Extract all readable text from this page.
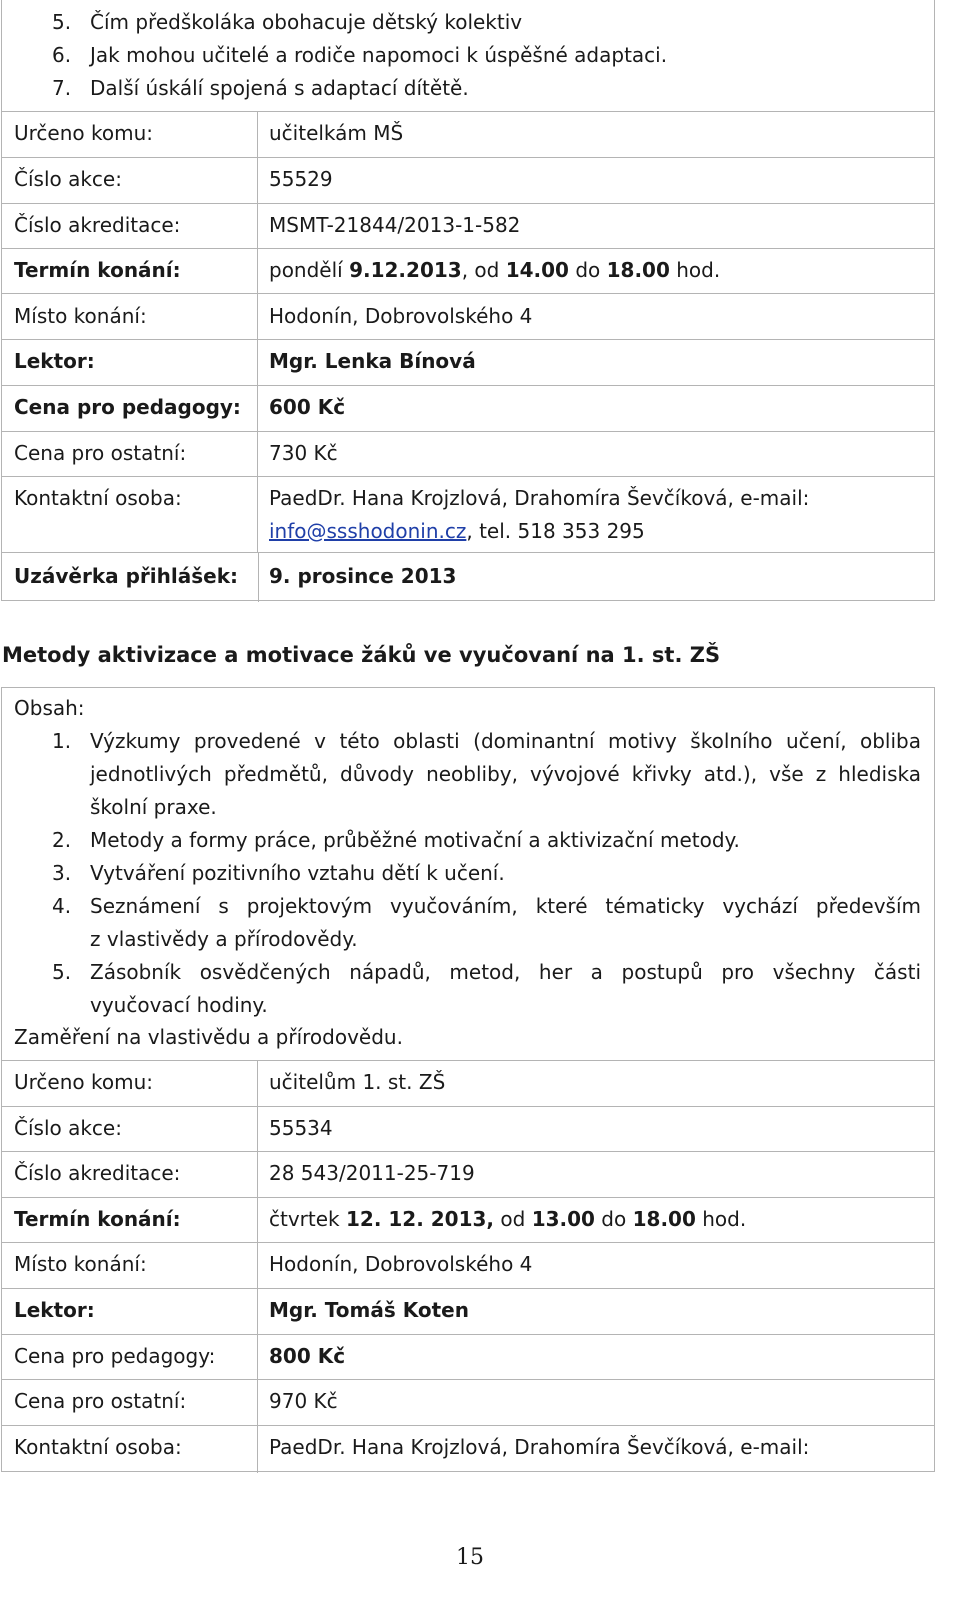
5. Čím předškoláka obohacuje dětský kolektiv
6. Jak mohou učitelé a rodiče napomoci k úspěšné adaptaci.
7. Další úskálí spojená s adaptací dítětě.
Určeno komu:	učitelkám MŠ
Číslo akce:	55529
Číslo akreditace:	MSMT-21844/2013-1-582
Termín konání:	pondělí 9.12.2013, od 14.00 do 18.00 hod.
Místo konání:	Hodonín, Dobrovolského 4
Lektor:	Mgr. Lenka Bínová
Cena pro pedagogy: 600 Kč
Cena pro ostatní:	730 Kč
Kontaktní osoba:	PaedDr. Hana Krojzlová, Drahomíra Ševčíková, e-mail:
info@ssshodonin.cz, tel. 518 353 295
Uzávěrka přihlášek: 9. prosince 2013
Metody aktivizace a motivace žáků ve vyučovaní na 1. st. ZŠ
Obsah:
1. Výzkumy provedené v této oblasti (dominantní motivy školního učení, obliba
jednotlivých předmětů, důvody neobliby, vývojové křivky atd.), vše z hlediska
školní praxe.
2. Metody a formy práce, průběžné motivační a aktivizační metody.
3. Vytváření pozitivního vztahu dětí k učení.
4. Seznámení s projektovým vyučováním, které tématicky vychází především
z vlastivědy a přírodovědy.
5. Zásobník osvědčených nápadů, metod, her a postupů pro všechny části
vyučovací hodiny.
Zaměření na vlastivědu a přírodovědu.
Určeno komu:	učitelům 1. st. ZŠ
Číslo akce:	55534
Číslo akreditace:	28 543/2011-25-719
Termín konání:	čtvrtek 12. 12. 2013, od 13.00 do 18.00 hod.
Místo konání:	Hodonín, Dobrovolského 4
Lektor:	Mgr. Tomáš Koten
Cena pro pedagogy:	800 Kč
Cena pro ostatní:	970 Kč
Kontaktní osoba:	PaedDr. Hana Krojzlová, Drahomíra Ševčíková, e-mail:
15
